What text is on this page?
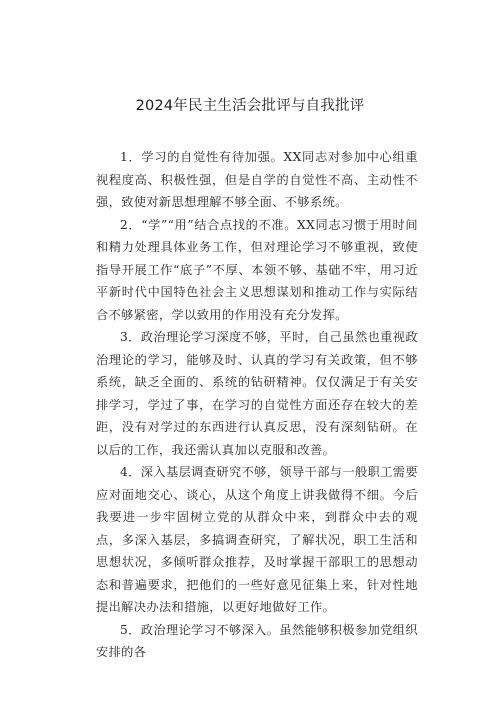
2024年民主生活会批评与自我批评

1．学习的自觉性有待加强。XX同志对参加中心组重视程度高、积极性强，但是自学的自觉性不高、主动性不强，致使对新思想理解不够全面、不够系统。

2．“学”“用”结合点找的不准。XX同志习惯于用时间和精力处理具体业务工作，但对理论学习不够重视，致使指导开展工作“底子”不厚、本领不够、基础不牢，用习近平新时代中国特色社会主义思想谋划和推动工作与实际结合不够紧密，学以致用的作用没有充分发挥。

3．政治理论学习深度不够，平时，自己虽然也重视政治理论的学习，能够及时、认真的学习有关政策，但不够系统，缺乏全面的、系统的钻研精神。仅仅满足于有关安排学习，学过了事，在学习的自觉性方面还存在较大的差距，没有对学过的东西进行认真反思，没有深刻钻研。在以后的工作，我还需认真加以克服和改善。

4．深入基层调查研究不够，领导干部与一般职工需要应对面地交心、谈心，从这个角度上讲我做得不细。今后我要进一步牢固树立党的从群众中来，到群众中去的观点，多深入基层，多搞调查研究，了解状况，职工生活和思想状况，多倾听群众推荐，及时掌握干部职工的思想动态和普遍要求，把他们的一些好意见征集上来，针对性地提出解决办法和措施，以更好地做好工作。

5．政治理论学习不够深入。虽然能够积极参加党组织安排的各
